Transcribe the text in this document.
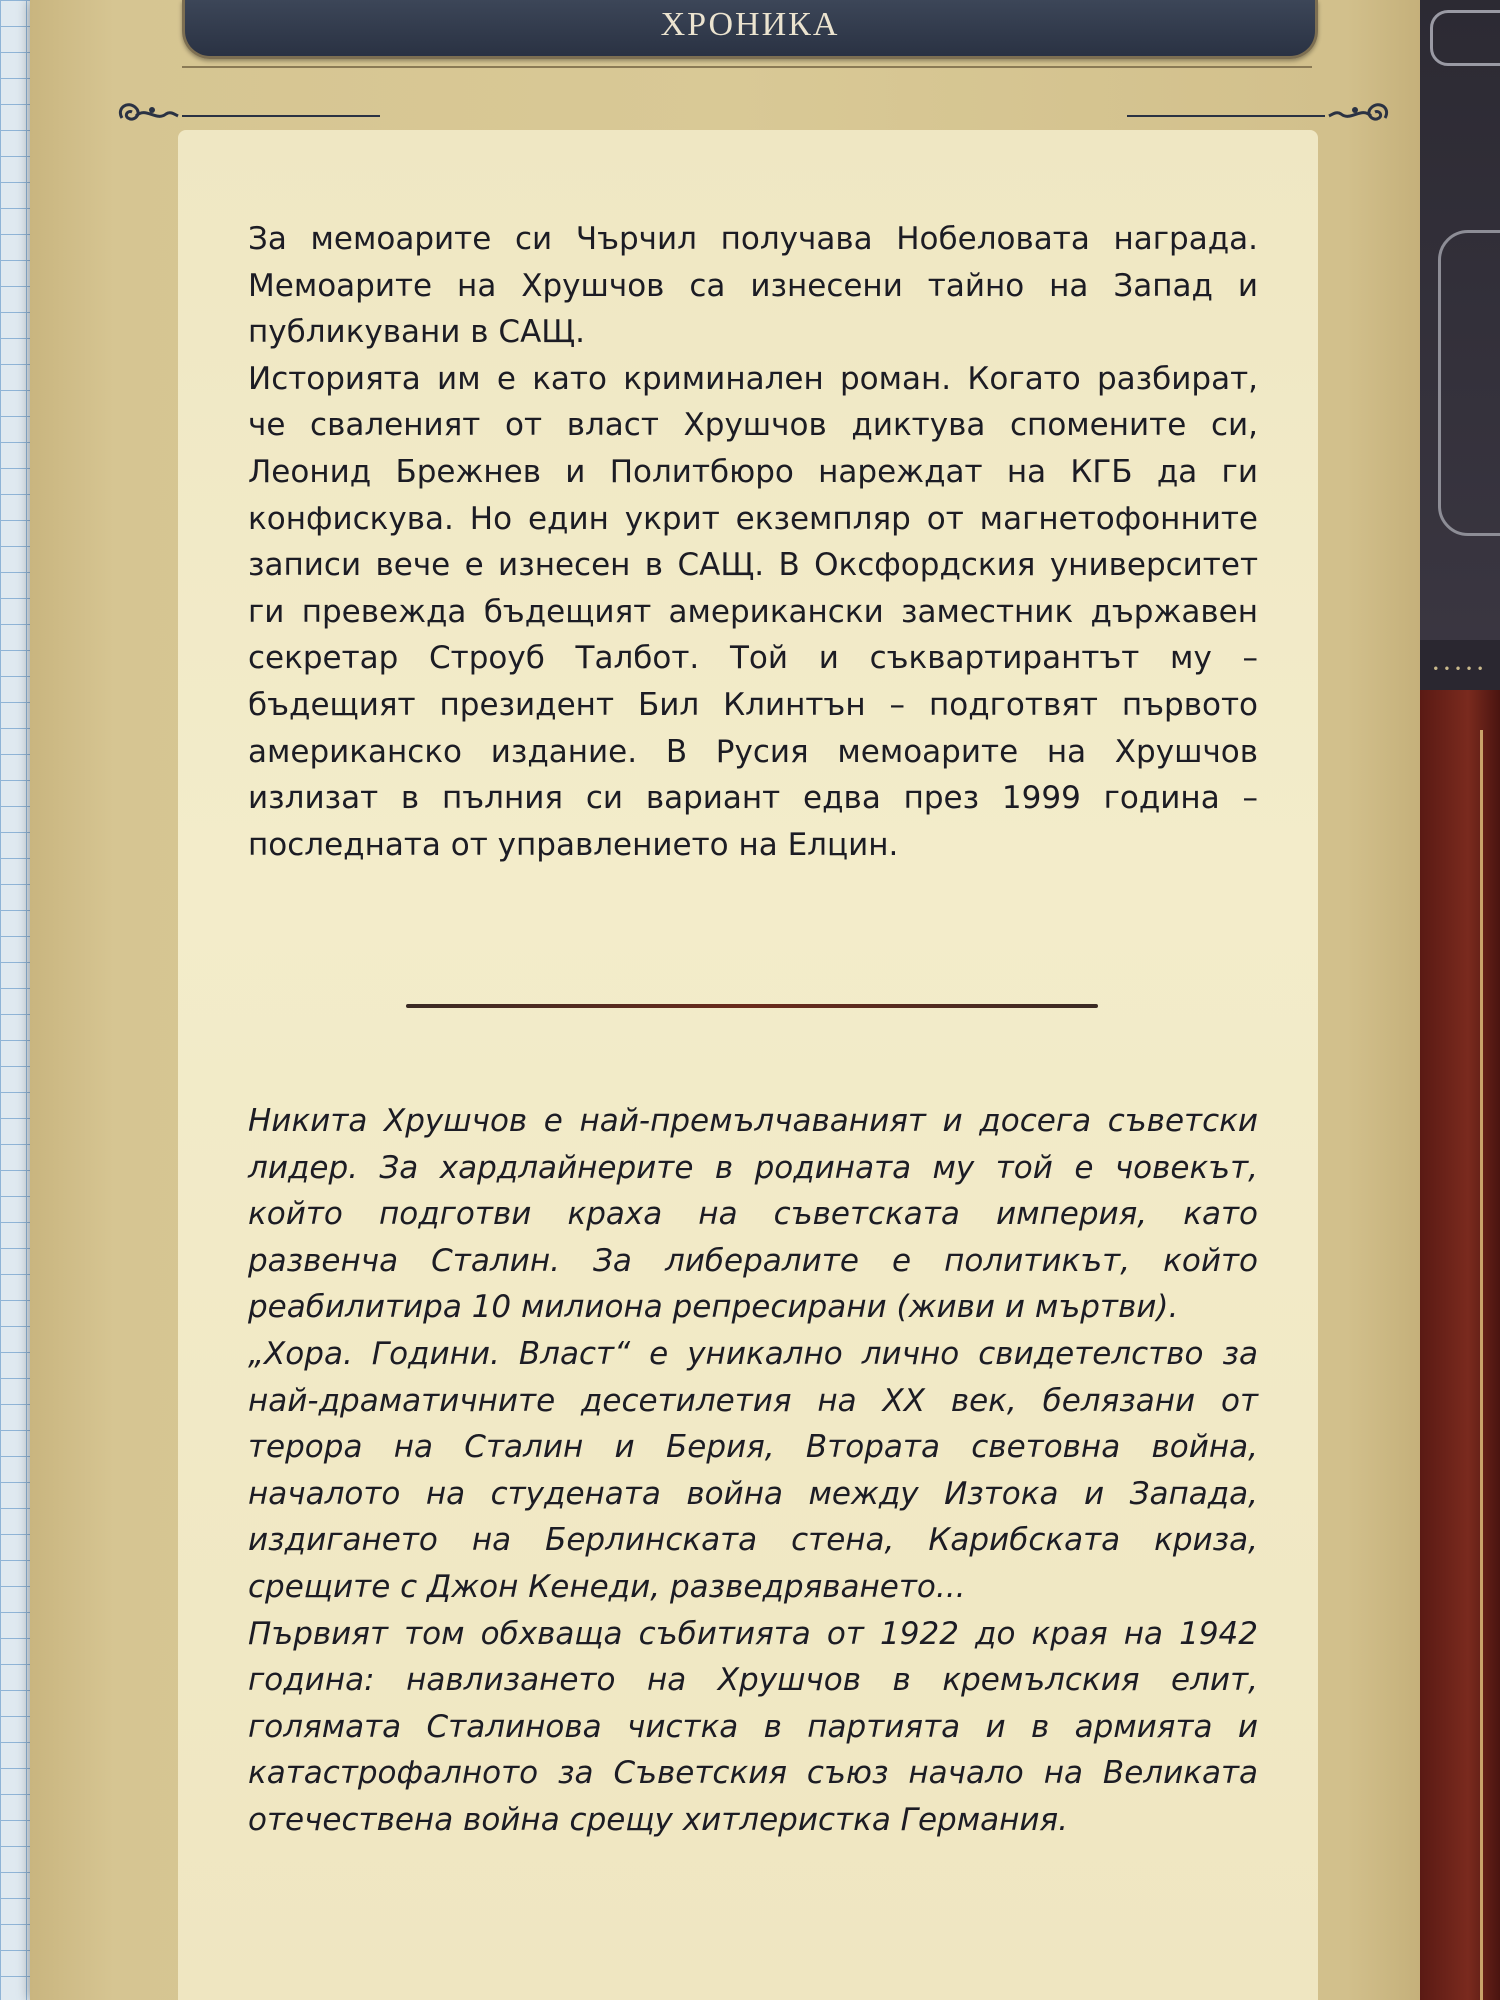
ХРОНИКА

За мемоарите си Чърчил получава Нобеловата награда. Мемоарите на Хрушчов са изнесени тайно на Запад и публикувани в САЩ.

Историята им е като криминален роман. Когато разбират, че сваленият от власт Хрушчов диктува спомените си, Леонид Брежнев и Политбюро нареждат на КГБ да ги конфискува. Но един укрит екземпляр от магнетофонните записи вече е изнесен в САЩ. В Оксфордския университет ги превежда бъдещият американски заместник държавен секретар Строуб Талбот. Той и съквартирантът му – бъдещият президент Бил Клинтън – подготвят първото американско издание. В Русия мемоарите на Хрушчов излизат в пълния си вариант едва през 1999 година – последната от управлението на Елцин.

Никита Хрушчов е най-премълчаваният и досега съветски лидер. За хардлайнерите в родината му той е човекът, който подготви краха на съветската империя, като развенча Сталин. За либералите е политикът, който реабилитира 10 милиона репресирани (живи и мъртви).

„Хора. Години. Власт“ е уникално лично свидетелство за най-драматичните десетилетия на XX век, белязани от терора на Сталин и Берия, Втората световна война, началото на студената война между Изтока и Запада, издигането на Берлинската стена, Карибската криза, срещите с Джон Кенеди, разведряването...

Първият том обхваща събитията от 1922 до края на 1942 година: навлизането на Хрушчов в кремълския елит, голямата Сталинова чистка в партията и в армията и катастрофалното за Съветския съюз начало на Великата отечествена война срещу хитлеристка Германия.

•••••
